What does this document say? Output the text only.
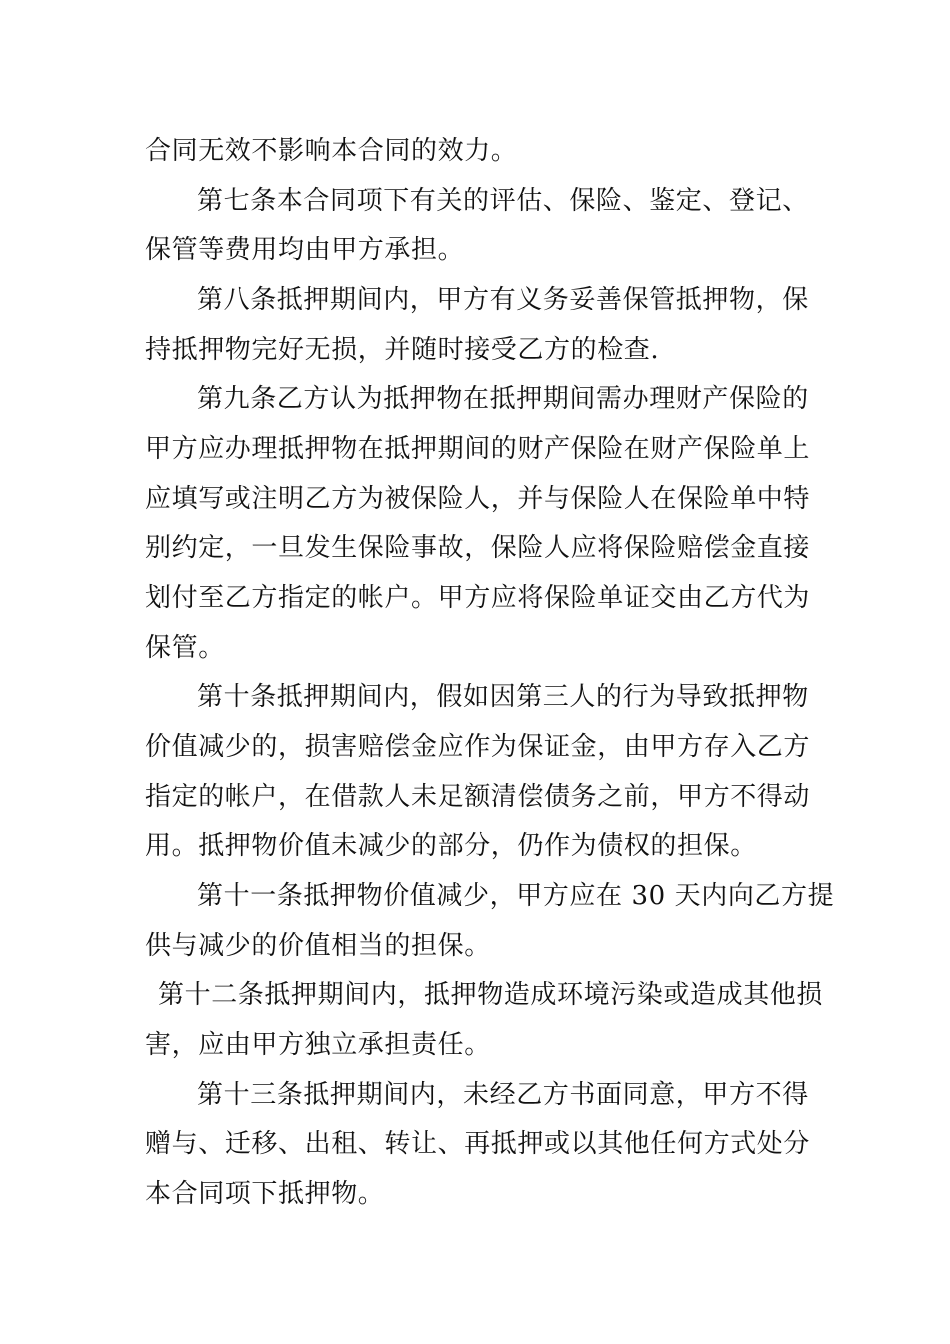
合同无效不影响本合同的效力。
第七条本合同项下有关的评估、保险、鉴定、登记、
保管等费用均由甲方承担。
第八条抵押期间内，甲方有义务妥善保管抵押物，保
持抵押物完好无损，并随时接受乙方的检查.
第九条乙方认为抵押物在抵押期间需办理财产保险的
甲方应办理抵押物在抵押期间的财产保险在财产保险单上
应填写或注明乙方为被保险人，并与保险人在保险单中特
别约定，一旦发生保险事故，保险人应将保险赔偿金直接
划付至乙方指定的帐户。甲方应将保险单证交由乙方代为
保管。
第十条抵押期间内，假如因第三人的行为导致抵押物
价值减少的，损害赔偿金应作为保证金，由甲方存入乙方
指定的帐户，在借款人未足额清偿债务之前，甲方不得动
用。抵押物价值未减少的部分，仍作为债权的担保。
第十一条抵押物价值减少，甲方应在 30 天内向乙方提
供与减少的价值相当的担保。
第十二条抵押期间内，抵押物造成环境污染或造成其他损
害，应由甲方独立承担责任。
第十三条抵押期间内，未经乙方书面同意，甲方不得
赠与、迁移、出租、转让、再抵押或以其他任何方式处分
本合同项下抵押物。
